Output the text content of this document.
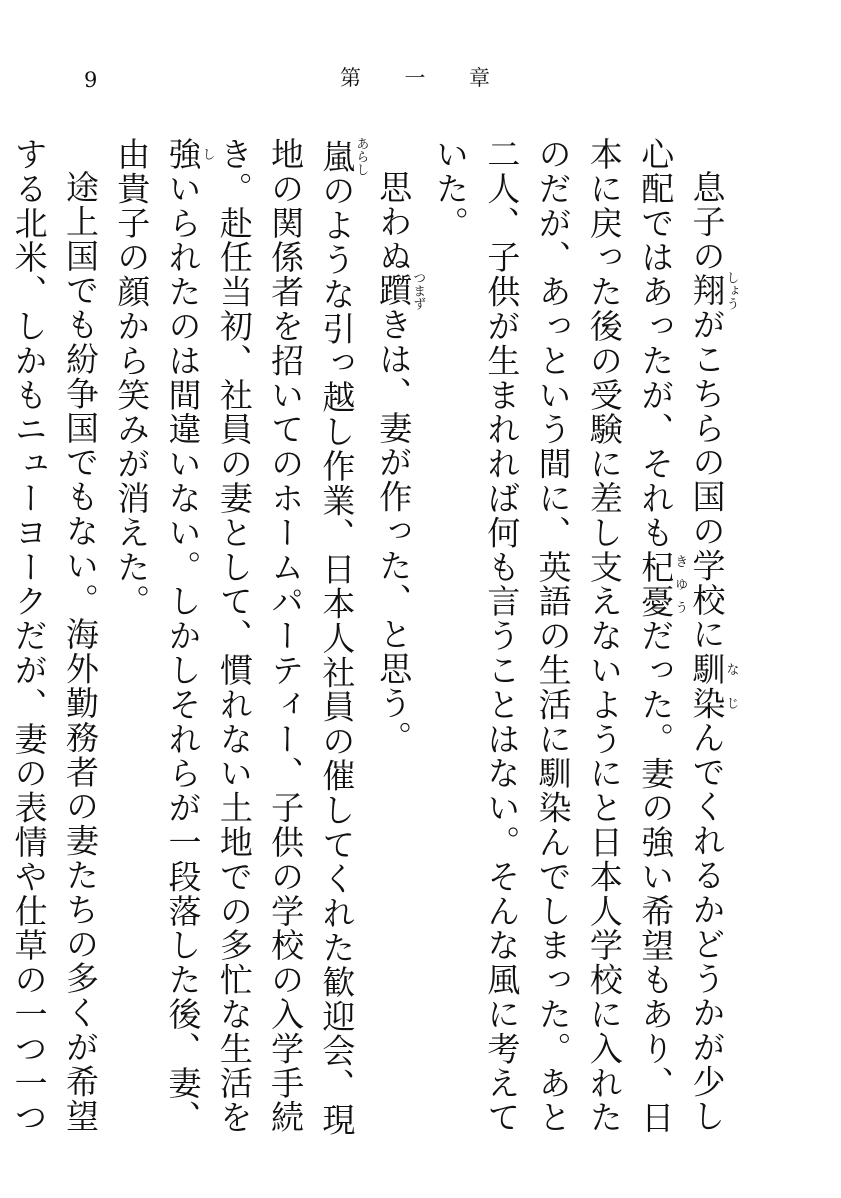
9	第 一 章

息子の翔しょうがこちらの国の学校に馴染なじんでくれるかどうかが少し心配ではあったが、それも杞憂きゆうだった。妻の強い希望もあり、日本に戻った後の受験に差し支えないようにと日本人学校に入れたのだが、あっという間に、英語の生活に馴染んでしまった。あと二人、子供が生まれれば何も言うことはない。そんな風に考えていた。

思わぬ躓つまずきは、妻が作った、と思う。

嵐あらしのような引っ越し作業、日本人社員の催してくれた歓迎会、現地の関係者を招いてのホームパーティー、子供の学校の入学手続き。赴任当初、社員の妻として、慣れない土地での多忙な生活を強しいられたのは間違いない。しかしそれらが一段落した後、妻、由貴子の顔から笑みが消えた。

途上国でも紛争国でもない。海外勤務者の妻たちの多くが希望する北米、しかもニューヨークだが、妻の表情や仕草の一つ一つ
